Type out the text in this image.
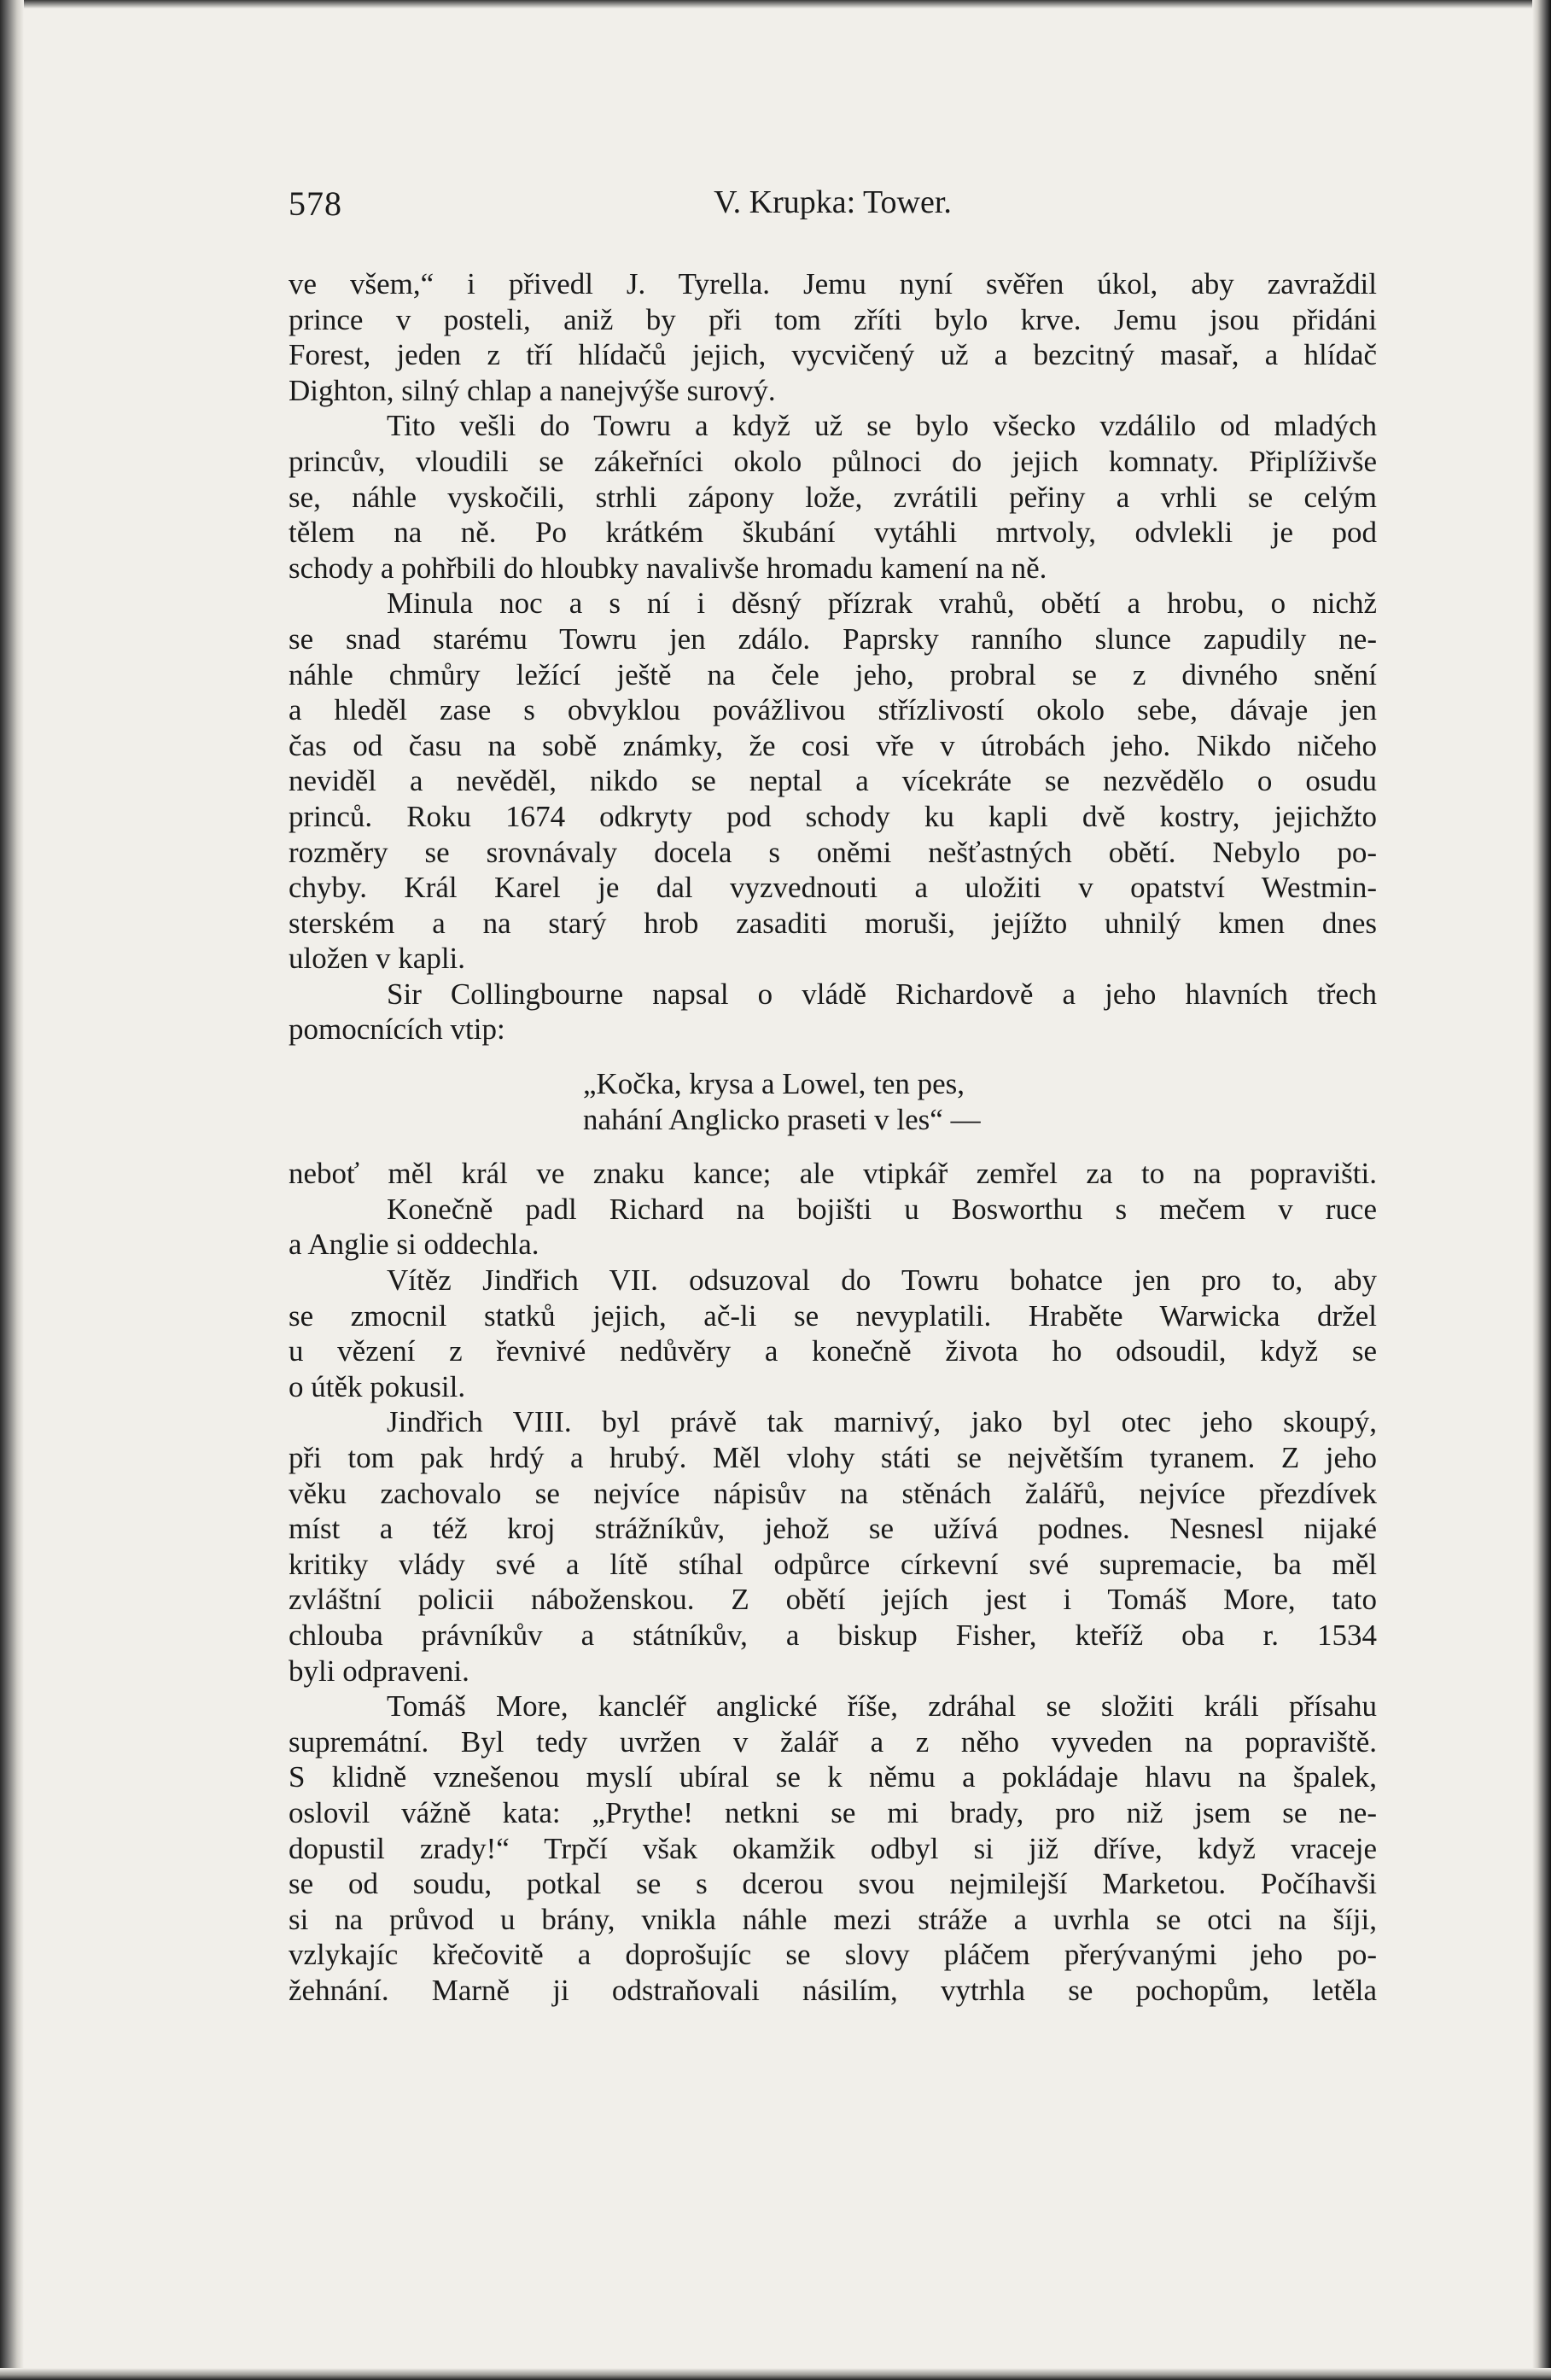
578	V. Krupka: Tower.
ve všem,“ i přivedl J. Tyrella. Jemu nyní svěřen úkol, aby zavraždil
prince v posteli, aniž by při tom zříti bylo krve. Jemu jsou přidáni
Forest, jeden z tří hlídačů jejich, vycvičený už a bezcitný masař, a hlídač
Dighton, silný chlap a nanejvýše surový.
Tito vešli do Towru a když už se bylo všecko vzdálilo od mladých
princův, vloudili se zákeřníci okolo půlnoci do jejich komnaty. Připlíživše
se, náhle vyskočili, strhli zápony lože, zvrátili peřiny a vrhli se celým
tělem na ně. Po krátkém škubání vytáhli mrtvoly, odvlekli je pod
schody a pohřbili do hloubky navalivše hromadu kamení na ně.
Minula noc a s ní i děsný přízrak vrahů, obětí a hrobu, o nichž
se snad starému Towru jen zdálo. Paprsky ranního slunce zapudily ne-
náhle chmůry ležící ještě na čele jeho, probral se z divného snění
a hleděl zase s obvyklou povážlivou střízlivostí okolo sebe, dávaje jen
čas od času na sobě známky, že cosi vře v útrobách jeho. Nikdo ničeho
neviděl a nevěděl, nikdo se neptal a vícekráte se nezvědělo o osudu
princů. Roku 1674 odkryty pod schody ku kapli dvě kostry, jejichžto
rozměry se srovnávaly docela s oněmi nešťastných obětí. Nebylo po-
chyby. Král Karel je dal vyzvednouti a uložiti v opatství Westmin-
sterském a na starý hrob zasaditi moruši, jejížto uhnilý kmen dnes
uložen v kapli.
Sir Collingbourne napsal o vládě Richardově a jeho hlavních třech
pomocnících vtip:
„Kočka, krysa a Lowel, ten pes,
nahání Anglicko praseti v les“ —
neboť měl král ve znaku kance; ale vtipkář zemřel za to na popravišti.
Konečně padl Richard na bojišti u Bosworthu s mečem v ruce
a Anglie si oddechla.
Vítěz Jindřich VII. odsuzoval do Towru bohatce jen pro to, aby
se zmocnil statků jejich, ač-li se nevyplatili. Hraběte Warwicka držel
u vězení z řevnivé nedůvěry a konečně života ho odsoudil, když se
o útěk pokusil.
Jindřich VIII. byl právě tak marnivý, jako byl otec jeho skoupý,
při tom pak hrdý a hrubý. Měl vlohy státi se největším tyranem. Z jeho
věku zachovalo se nejvíce nápisův na stěnách žalářů, nejvíce přezdívek
míst a též kroj strážníkův, jehož se užívá podnes. Nesnesl nijaké
kritiky vlády své a lítě stíhal odpůrce církevní své supremacie, ba měl
zvláštní policii náboženskou. Z obětí jejích jest i Tomáš More, tato
chlouba právníkův a státníkův, a biskup Fisher, kteříž oba r. 1534
byli odpraveni.
Tomáš More, kancléř anglické říše, zdráhal se složiti králi přísahu
supremátní. Byl tedy uvržen v žalář a z něho vyveden na popraviště.
S klidně vznešenou myslí ubíral se k němu a pokládaje hlavu na špalek,
oslovil vážně kata: „Prythe! netkni se mi brady, pro niž jsem se ne-
dopustil zrady!“ Trpčí však okamžik odbyl si již dříve, když vraceje
se od soudu, potkal se s dcerou svou nejmilejší Marketou. Počíhavši
si na průvod u brány, vnikla náhle mezi stráže a uvrhla se otci na šíji,
vzlykajíc křečovitě a doprošujíc se slovy pláčem přerývanými jeho po-
žehnání. Marně ji odstraňovali násilím, vytrhla se pochopům, letěla
